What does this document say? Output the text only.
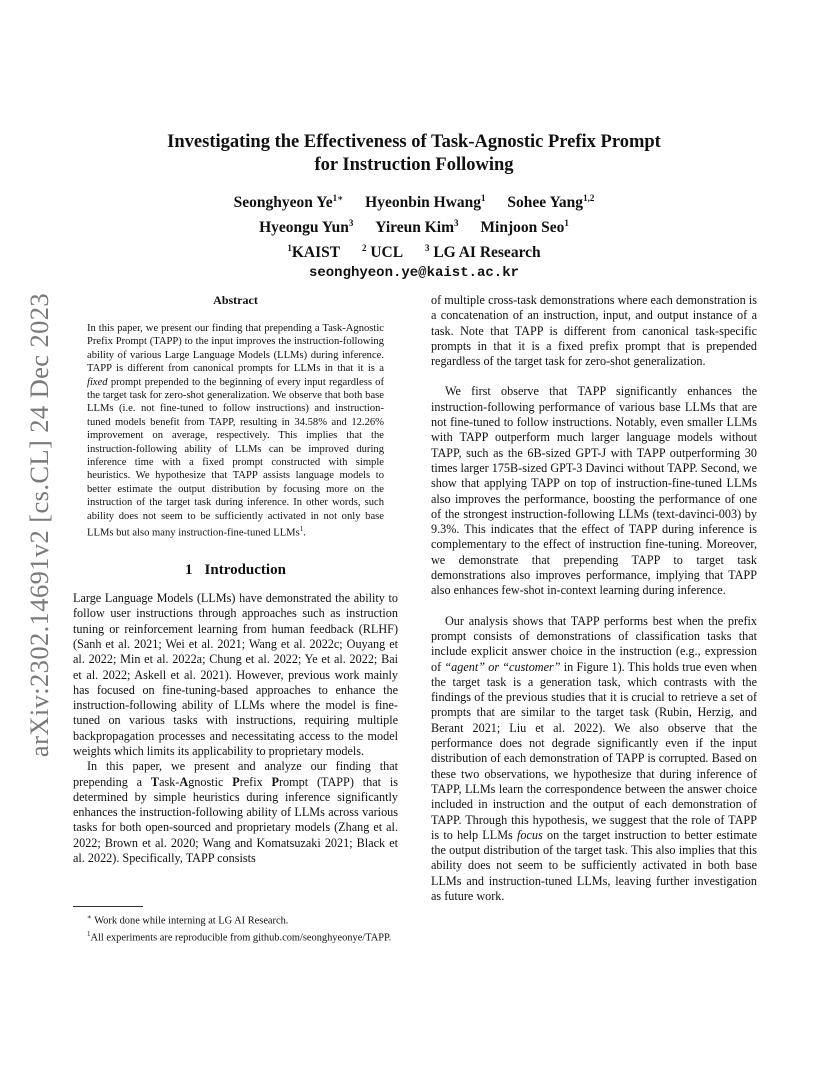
arXiv:2302.14691v2 [cs.CL] 24 Dec 2023
Investigating the Effectiveness of Task-Agnostic Prefix Prompt
for Instruction Following
Seonghyeon $Ye^{1∗}$ Hyeonbin Hwang$^1$ Sohee Yang$^{1,2}$
Hyeongu Yun$^3$ Yireun Kim$^3$ Minjoon Seo$^1$
$^1$KAIST $^2$ UCL $^3$ LG AI Research
seonghyeon.ye@kaist.ac.kr
Abstract
In this paper, we present our finding that prepending a Task-Agnostic Prefix Prompt (TAPP) to the input improves the instruction-following ability of various Large Language Models (LLMs) during inference. TAPP is different from canonical prompts for LLMs in that it is a fixed prompt prepended to the beginning of every input regardless of the target task for zero-shot generalization. We observe that both base LLMs (i.e. not fine-tuned to follow instructions) and instruction-tuned models benefit from TAPP, resulting in 34.58% and 12.26% improvement on average, respectively. This implies that the instruction-following ability of LLMs can be improved during inference time with a fixed prompt constructed with simple heuristics. We hypothesize that TAPP assists language models to better estimate the output distribution by focusing more on the instruction of the target task during inference. In other words, such ability does not seem to be sufficiently activated in not only base LLMs but also many instruction-fine-tuned LLMs$^1$.
1 Introduction

Large Language Models (LLMs) have demonstrated the ability to follow user instructions through approaches such as instruction tuning or reinforcement learning from human feedback (RLHF) (Sanh et al. 2021; Wei et al. 2021; Wang et al. 2022c; Ouyang et al. 2022; Min et al. 2022a; Chung et al. 2022; Ye et al. 2022; Bai et al. 2022; Askell et al. 2021). However, previous work mainly has focused on fine-tuning-based approaches to enhance the instruction-following ability of LLMs where the model is fine-tuned on various tasks with instructions, requiring multiple backpropagation processes and necessitating access to the model weights which limits its applicability to proprietary models.

In this paper, we present and analyze our finding that prepending a Task-Agnostic Prefix Prompt (TAPP) that is determined by simple heuristics during inference significantly enhances the instruction-following ability of LLMs across various tasks for both open-sourced and proprietary models (Zhang et al. 2022; Brown et al. 2020; Wang and Komatsuzaki 2021; Black et al. 2022). Specifically, TAPP consists

∗ Work done while interning at LG AI Research.
$^1$All experiments are reproducible from github.com/seonghyeonye/TAPP.

of multiple cross-task demonstrations where each demonstration is a concatenation of an instruction, input, and output instance of a task. Note that TAPP is different from canonical task-specific prompts in that it is a fixed prefix prompt that is prepended regardless of the target task for zero-shot generalization.

We first observe that TAPP significantly enhances the instruction-following performance of various base LLMs that are not fine-tuned to follow instructions. Notably, even smaller LLMs with TAPP outperform much larger language models without TAPP, such as the 6B-sized GPT-J with TAPP outperforming 30 times larger 175B-sized GPT-3 Davinci without TAPP. Second, we show that applying TAPP on top of instruction-fine-tuned LLMs also improves the performance, boosting the performance of one of the strongest instruction-following LLMs (text-davinci-003) by 9.3%. This indicates that the effect of TAPP during inference is complementary to the effect of instruction fine-tuning. Moreover, we demonstrate that prepending TAPP to target task demonstrations also improves performance, implying that TAPP also enhances few-shot in-context learning during inference.

Our analysis shows that TAPP performs best when the prefix prompt consists of demonstrations of classification tasks that include explicit answer choice in the instruction (e.g., expression of “agent” or “customer” in Figure 1). This holds true even when the target task is a generation task, which contrasts with the findings of the previous studies that it is crucial to retrieve a set of prompts that are similar to the target task (Rubin, Herzig, and Berant 2021; Liu et al. 2022). We also observe that the performance does not degrade significantly even if the input distribution of each demonstration of TAPP is corrupted. Based on these two observations, we hypothesize that during inference of TAPP, LLMs learn the correspondence between the answer choice included in instruction and the output of each demonstration of TAPP. Through this hypothesis, we suggest that the role of TAPP is to help LLMs focus on the target instruction to better estimate the output distribution of the target task. This also implies that this ability does not seem to be sufficiently activated in both base LLMs and instruction-tuned LLMs, leaving further investigation as future work.
